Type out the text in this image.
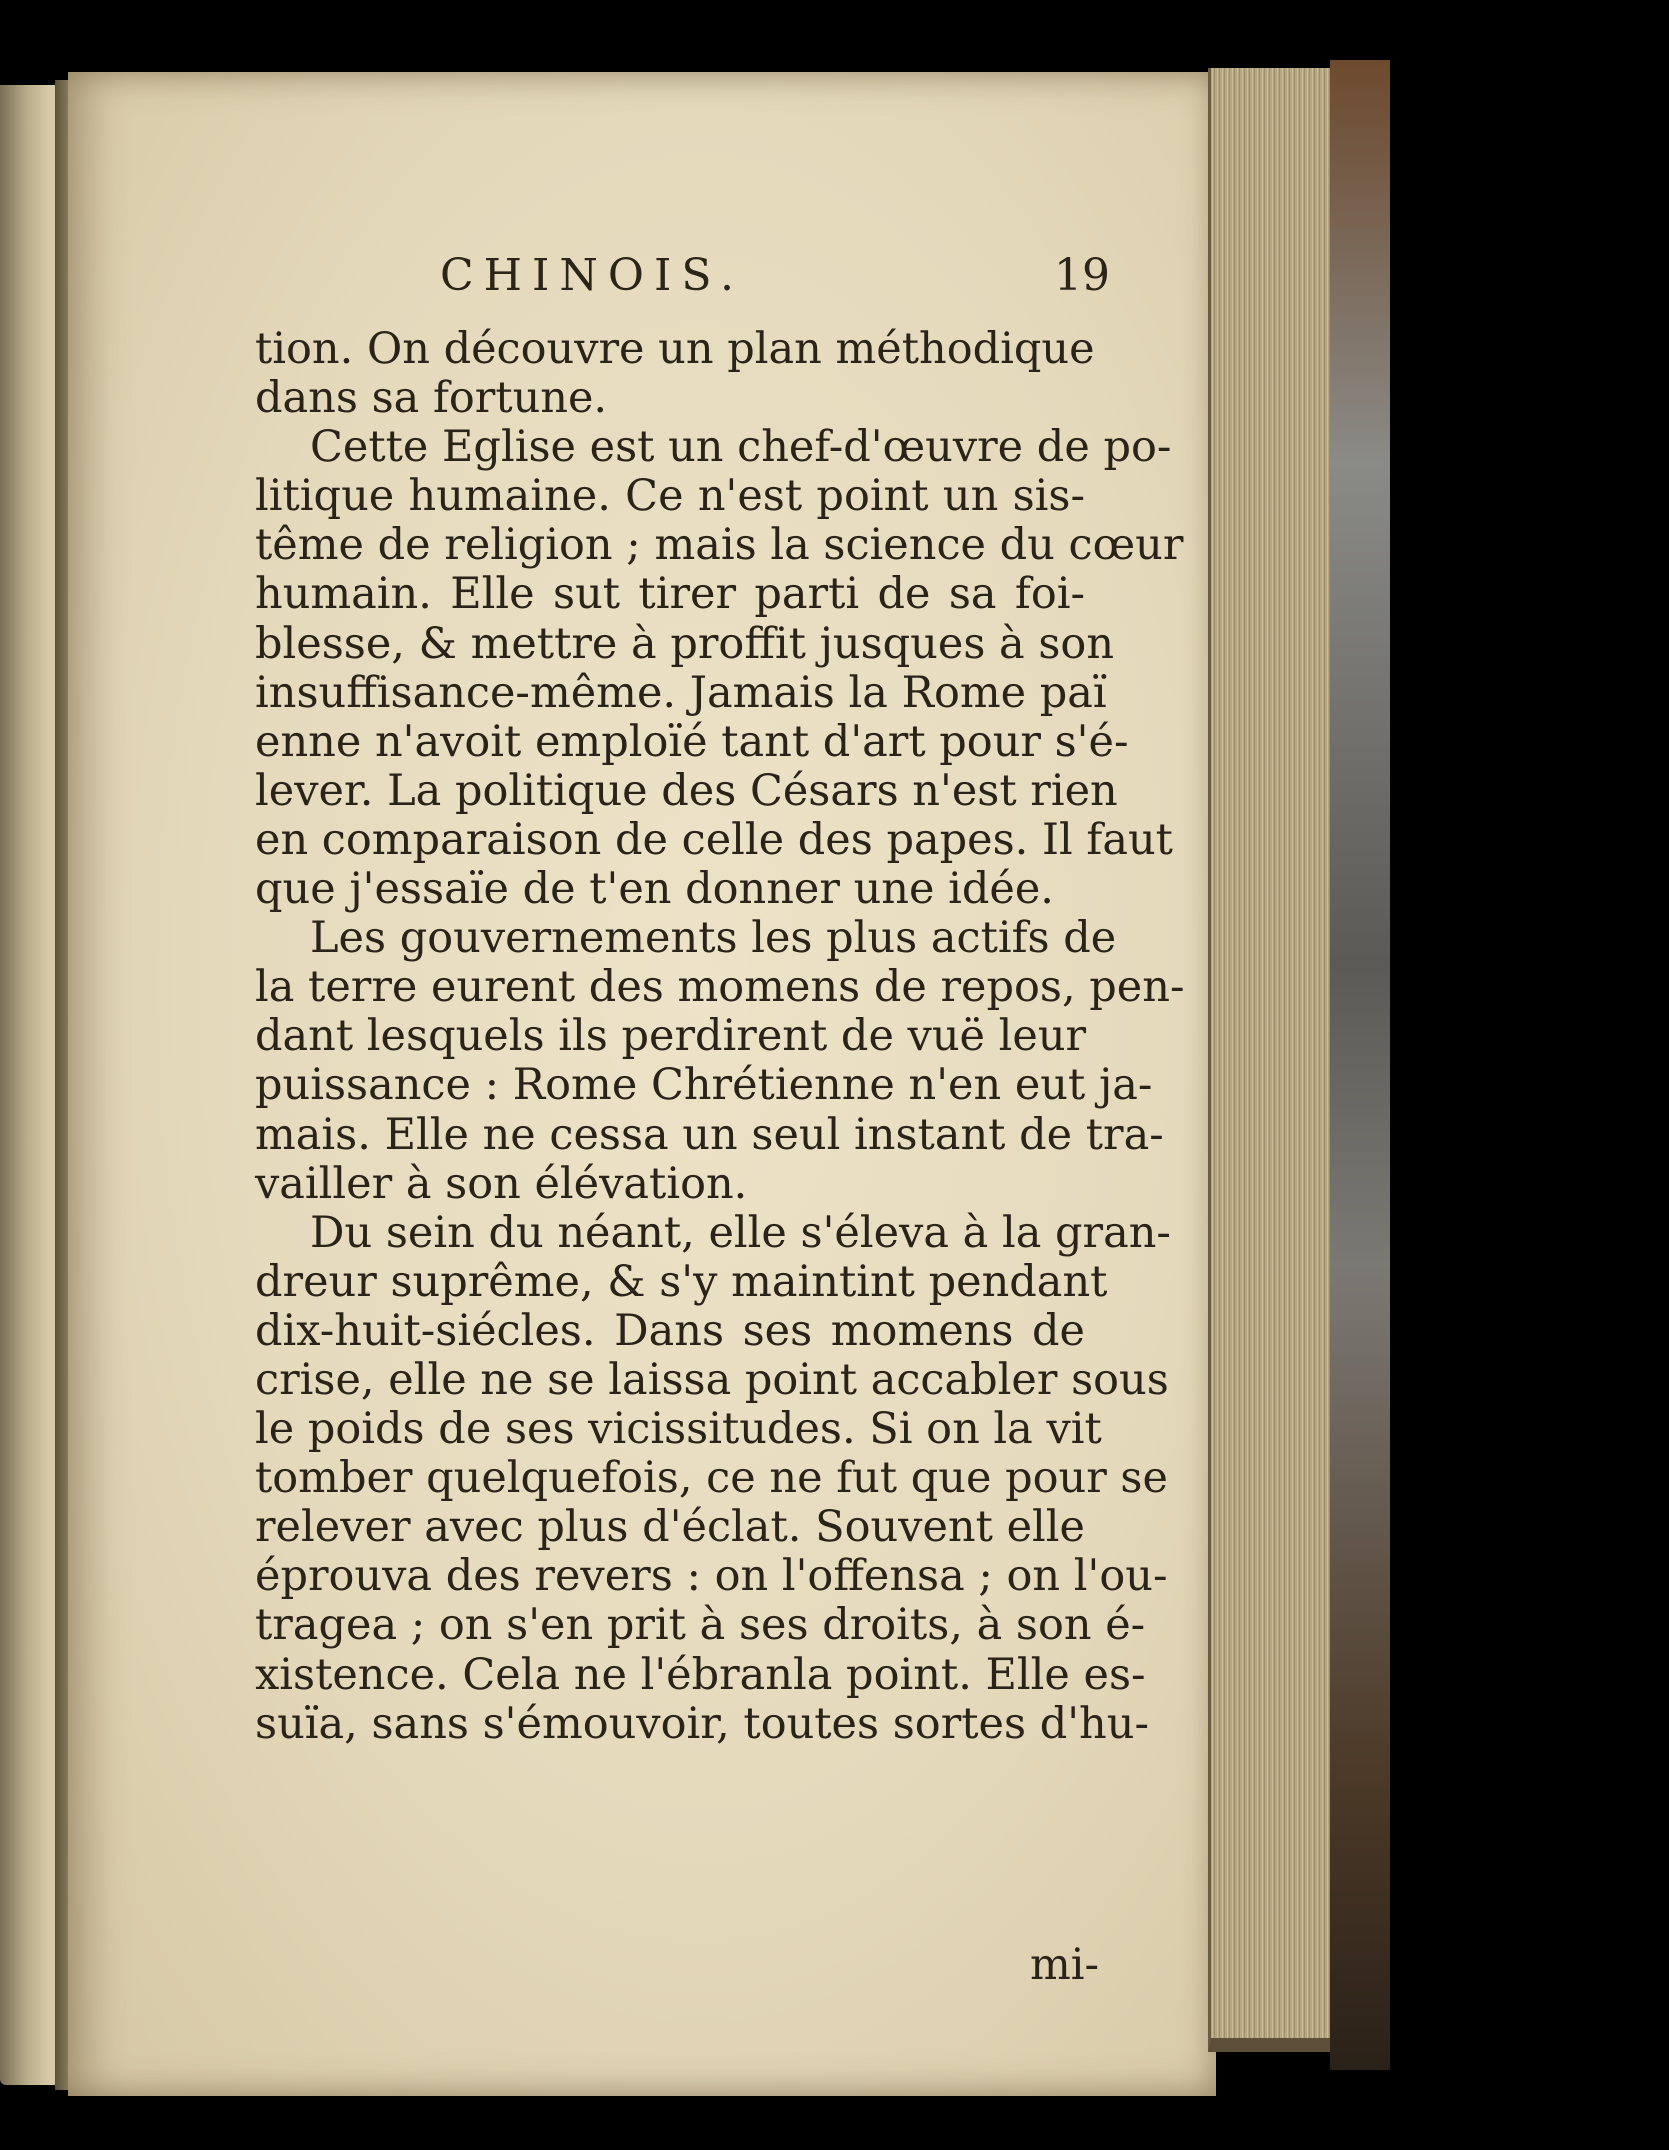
CHINOIS.	19
tion. On découvre un plan méthodique
dans sa fortune.
Cette Eglise est un chef-d'œuvre de po-
litique humaine. Ce n'est point un sis-
tême de religion ; mais la science du cœur
humain. Elle sut tirer parti de sa foi-
blesse, & mettre à proffit jusques à son
insuffisance-même. Jamais la Rome paï
enne n'avoit emploïé tant d'art pour s'é-
lever. La politique des Césars n'est rien
en comparaison de celle des papes. Il faut
que j'essaïe de t'en donner une idée.
Les gouvernements les plus actifs de
la terre eurent des momens de repos, pen-
dant lesquels ils perdirent de vuë leur
puissance : Rome Chrétienne n'en eut ja-
mais. Elle ne cessa un seul instant de tra-
vailler à son élévation.
Du sein du néant, elle s'éleva à la gran-
dreur suprême, & s'y maintint pendant
dix-huit-siécles. Dans ses momens de
crise, elle ne se laissa point accabler sous
le poids de ses vicissitudes. Si on la vit
tomber quelquefois, ce ne fut que pour se
relever avec plus d'éclat. Souvent elle
éprouva des revers : on l'offensa ; on l'ou-
tragea ; on s'en prit à ses droits, à son é-
xistence. Cela ne l'ébranla point. Elle es-
suïa, sans s'émouvoir, toutes sortes d'hu-
mi-
